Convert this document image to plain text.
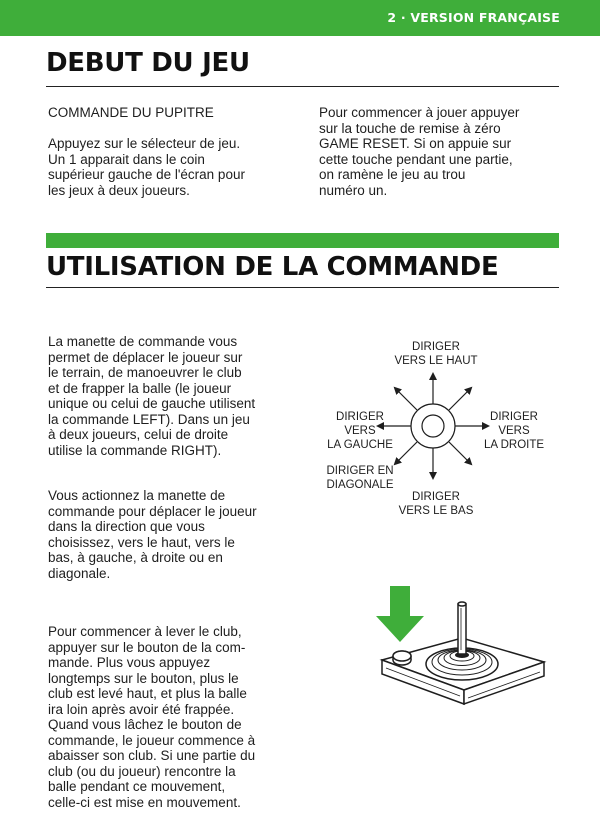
2 · VERSION FRANÇAISE
DEBUT DU JEU

COMMANDE DU PUPITRE

Appuyez sur le sélecteur de jeu.
Un 1 apparait dans le coin
supérieur gauche de l'écran pour
les jeux à deux joueurs.
Pour commencer à jouer appuyer
sur la touche de remise à zéro
GAME RESET. Si on appuie sur
cette touche pendant une partie,
on ramène le jeu au trou
numéro un.
UTILISATION DE LA COMMANDE
La manette de commande vous
permet de déplacer le joueur sur
le terrain, de manoeuvrer le club
et de frapper la balle (le joueur
unique ou celui de gauche utilisent
la commande LEFT). Dans un jeu
à deux joueurs, celui de droite
utilise la commande RIGHT).
Vous actionnez la manette de
commande pour déplacer le joueur
dans la direction que vous
choisissez, vers le haut, vers le
bas, à gauche, à droite ou en
diagonale.
Pour commencer à lever le club,
appuyer sur le bouton de la com-
mande. Plus vous appuyez
longtemps sur le bouton, plus le
club est levé haut, et plus la balle
ira loin après avoir été frappée.
Quand vous lâchez le bouton de
commande, le joueur commence à
abaisser son club. Si une partie du
club (ou du joueur) rencontre la
balle pendant ce mouvement,
celle-ci est mise en mouvement.
DIRIGER
VERS LE HAUT
DIRIGER
VERS
LA GAUCHE
DIRIGER
VERS
LA DROITE
DIRIGER EN
DIAGONALE
DIRIGER
VERS LE BAS
